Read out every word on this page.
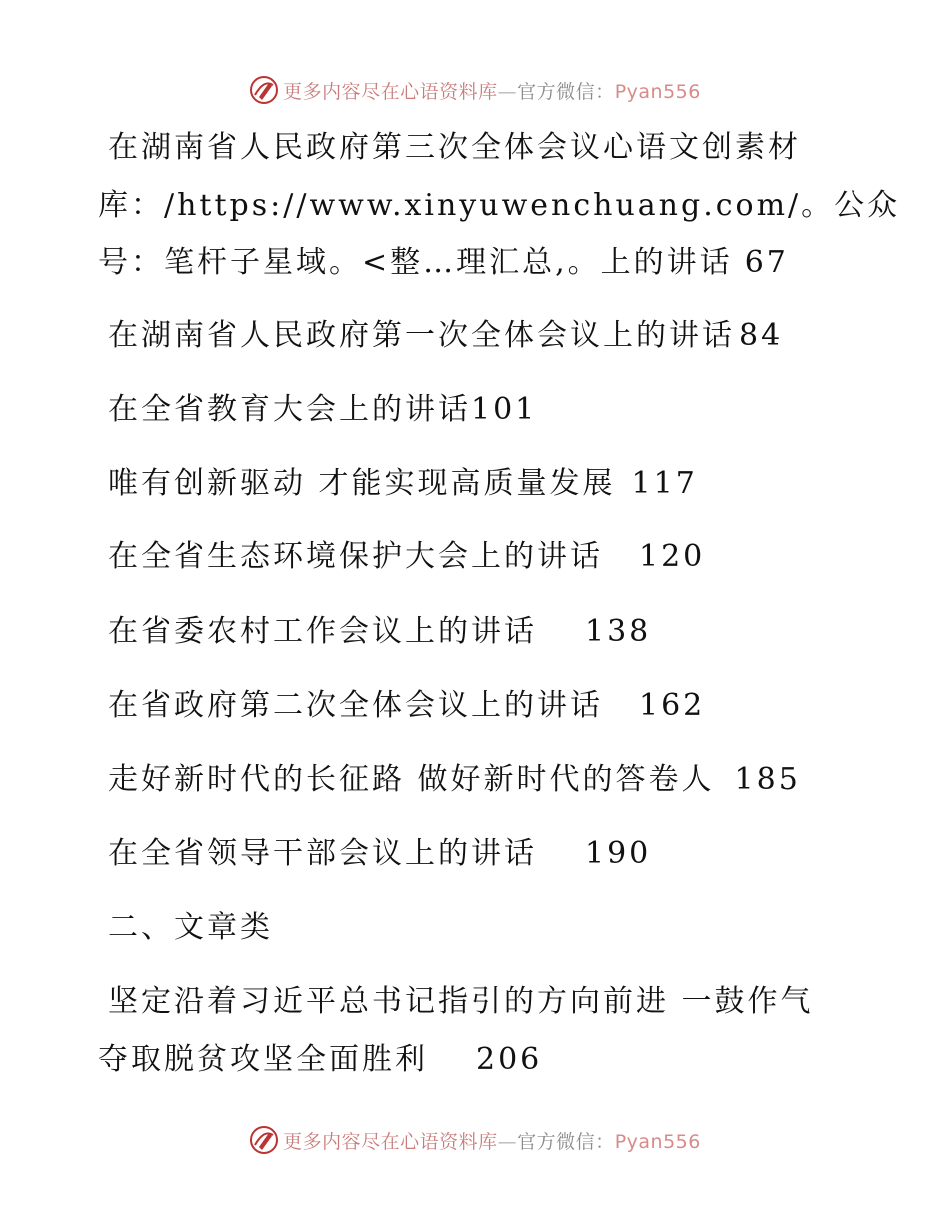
更多内容尽在心语资料库—官方微信：Pyan556
在湖南省人民政府第三次全体会议心语文创素材
库：/https://www.xinyuwenchuang.com/。公众
号：笔杆子星域。<整…理汇总,。上的讲话 67
在湖南省人民政府第一次全体会议上的讲话 84
在全省教育大会上的讲话101
唯有创新驱动 才能实现高质量发展 117
在全省生态环境保护大会上的讲话 120
在省委农村工作会议上的讲话 138
在省政府第二次全体会议上的讲话 162
走好新时代的长征路 做好新时代的答卷人 185
在全省领导干部会议上的讲话 190
二、文章类
坚定沿着习近平总书记指引的方向前进 一鼓作气
夺取脱贫攻坚全面胜利 206
更多内容尽在心语资料库—官方微信：Pyan556
